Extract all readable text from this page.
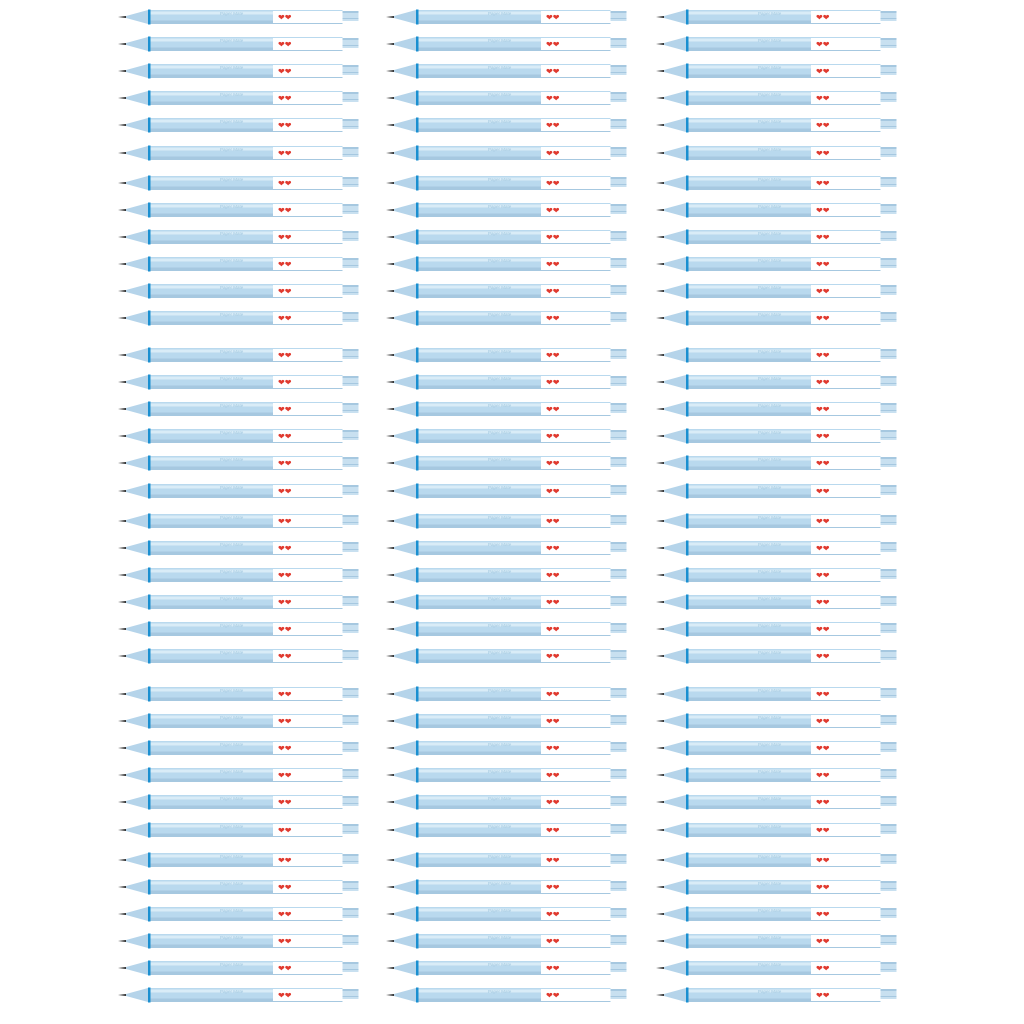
Paper Mate	❤❤
Paper Mate	❤❤
Paper Mate	❤❤
Paper Mate	❤❤
Paper Mate	❤❤
Paper Mate	❤❤
Paper Mate	❤❤
Paper Mate	❤❤
Paper Mate	❤❤
Paper Mate	❤❤
Paper Mate	❤❤
Paper Mate	❤❤
Paper Mate	❤❤
Paper Mate	❤❤
Paper Mate	❤❤
Paper Mate	❤❤
Paper Mate	❤❤
Paper Mate	❤❤
Paper Mate	❤❤
Paper Mate	❤❤
Paper Mate	❤❤
Paper Mate	❤❤
Paper Mate	❤❤
Paper Mate	❤❤
Paper Mate	❤❤
Paper Mate	❤❤
Paper Mate	❤❤
Paper Mate	❤❤
Paper Mate	❤❤
Paper Mate	❤❤
Paper Mate	❤❤
Paper Mate	❤❤
Paper Mate	❤❤
Paper Mate	❤❤
Paper Mate	❤❤
Paper Mate	❤❤
Paper Mate	❤❤
Paper Mate	❤❤
Paper Mate	❤❤
Paper Mate	❤❤
Paper Mate	❤❤
Paper Mate	❤❤
Paper Mate	❤❤
Paper Mate	❤❤
Paper Mate	❤❤
Paper Mate	❤❤
Paper Mate	❤❤
Paper Mate	❤❤
Paper Mate	❤❤
Paper Mate	❤❤
Paper Mate	❤❤
Paper Mate	❤❤
Paper Mate	❤❤
Paper Mate	❤❤
Paper Mate	❤❤
Paper Mate	❤❤
Paper Mate	❤❤
Paper Mate	❤❤
Paper Mate	❤❤
Paper Mate	❤❤
Paper Mate	❤❤
Paper Mate	❤❤
Paper Mate	❤❤
Paper Mate	❤❤
Paper Mate	❤❤
Paper Mate	❤❤
Paper Mate	❤❤
Paper Mate	❤❤
Paper Mate	❤❤
Paper Mate	❤❤
Paper Mate	❤❤
Paper Mate	❤❤
Paper Mate	❤❤
Paper Mate	❤❤
Paper Mate	❤❤
Paper Mate	❤❤
Paper Mate	❤❤
Paper Mate	❤❤
Paper Mate	❤❤
Paper Mate	❤❤
Paper Mate	❤❤
Paper Mate	❤❤
Paper Mate	❤❤
Paper Mate	❤❤
Paper Mate	❤❤
Paper Mate	❤❤
Paper Mate	❤❤
Paper Mate	❤❤
Paper Mate	❤❤
Paper Mate	❤❤
Paper Mate	❤❤
Paper Mate	❤❤
Paper Mate	❤❤
Paper Mate	❤❤
Paper Mate	❤❤
Paper Mate	❤❤
Paper Mate	❤❤
Paper Mate	❤❤
Paper Mate	❤❤
Paper Mate	❤❤
Paper Mate	❤❤
Paper Mate	❤❤
Paper Mate	❤❤
Paper Mate	❤❤
Paper Mate	❤❤
Paper Mate	❤❤
Paper Mate	❤❤
Paper Mate	❤❤
